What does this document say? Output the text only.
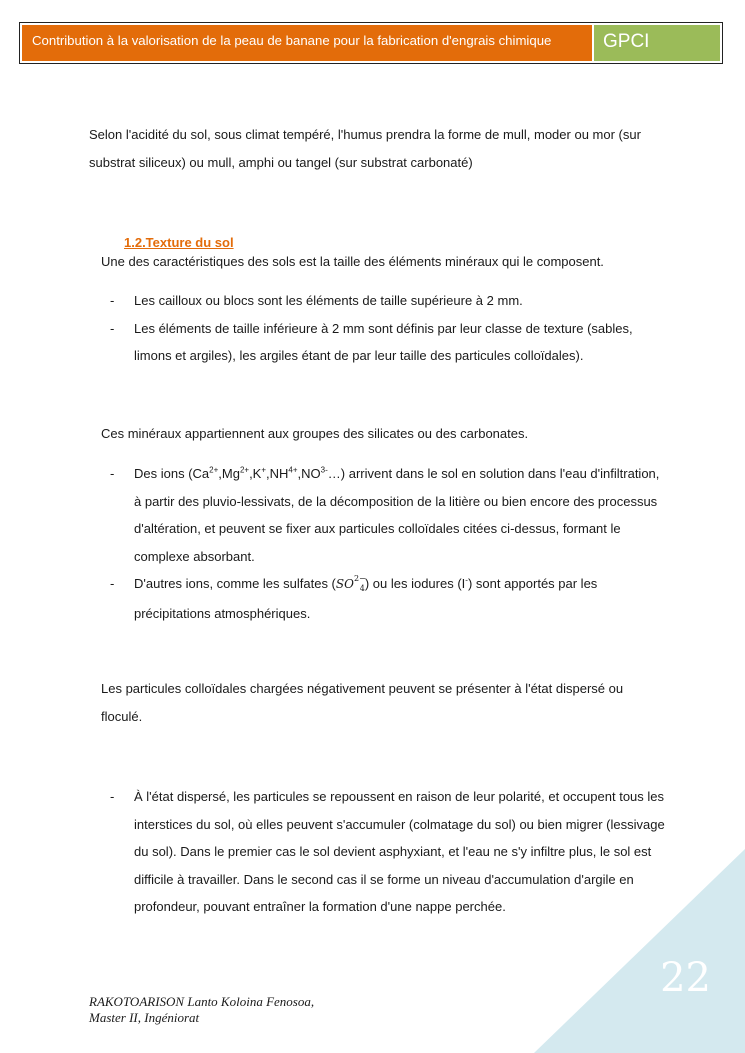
Contribution à la valorisation de la peau de banane pour la fabrication d'engrais chimique	GPCI

Selon l'acidité du sol, sous climat tempéré, l'humus prendra la forme de mull, moder ou mor (sur substrat siliceux) ou mull, amphi ou tangel (sur substrat carbonaté)

1.2.Texture du sol

Une des caractéristiques des sols est la taille des éléments minéraux qui le composent.

- Les cailloux ou blocs sont les éléments de taille supérieure à 2 mm.
- Les éléments de taille inférieure à 2 mm sont définis par leur classe de texture (sables, limons et argiles), les argiles étant de par leur taille des particules colloïdales).

Ces minéraux appartiennent aux groupes des silicates ou des carbonates.

- Des ions $(Ca^{2+},Mg^{2+},K^+,NH^{4+},NO^{3-}\dots)$ arrivent dans le sol en solution dans l'eau d'infiltration, à partir des pluvio-lessivats, de la décomposition de la litière ou bien encore des processus d'altération, et peuvent se fixer aux particules colloïdales citées ci-dessus, formant le complexe absorbant.
- D'autres ions, comme les sulfates $(SO^{2-}_4)$ ou les iodures (I-) sont apportés par les précipitations atmosphériques.

Les particules colloïdales chargées négativement peuvent se présenter à l'état dispersé ou floculé.

- À l'état dispersé, les particules se repoussent en raison de leur polarité, et occupent tous les interstices du sol, où elles peuvent s'accumuler (colmatage du sol) ou bien migrer (lessivage du sol). Dans le premier cas le sol devient asphyxiant, et l'eau ne s'y infiltre plus, le sol est difficile à travailler. Dans le second cas il se forme un niveau d'accumulation d'argile en profondeur, pouvant entraîner la formation d'une nappe perchée.
22
RAKOTOARISON Lanto Koloina Fenosoa,
Master II, Ingéniorat
